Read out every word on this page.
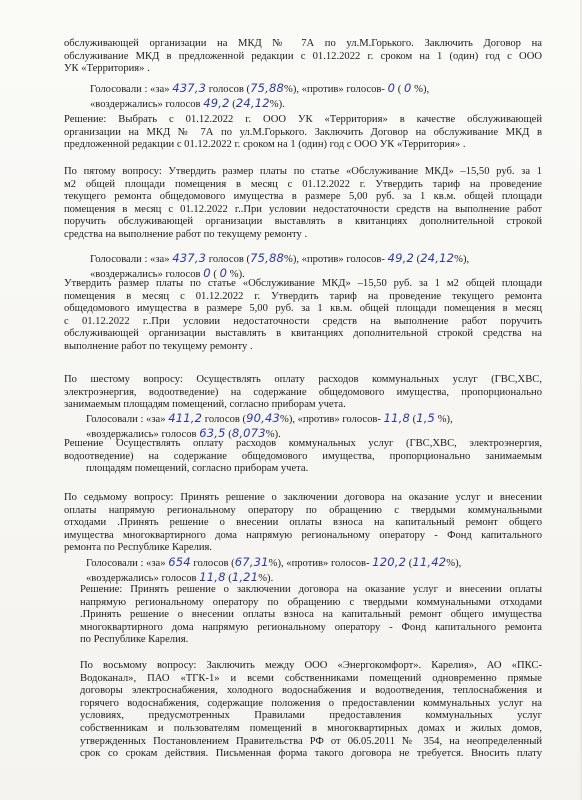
обслуживающей организации на МКД № 7А по ул.М.Горького. Заключить Договор на
обслуживание МКД в предложенной редакции с 01.12.2022 г. сроком на 1 (один) год с ООО
УК «Территория» .
Голосовали : «за» 437,3 голосов (75,88%), «против» голосов- 0 ( 0 %),
«воздержались» голосов 49,2 (24,12%).
Решение: Выбрать с 01.12.2022 г. ООО УК «Территория» в качестве обслуживающей
организации на МКД № 7А по ул.М.Горького. Заключить Договор на обслуживание МКД в
предложенной редакции с 01.12.2022 г. сроком на 1 (один) год с ООО УК «Территория» .
По пятому вопросу: Утвердить размер платы по статье «Обслуживание МКД» –15,50 руб. за 1
м2 общей площади помещения в месяц с 01.12.2022 г. Утвердить тариф на проведение
текущего ремонта общедомового имущества в размере 5,00 руб. за 1 кв.м. общей площади
помещения в месяц с 01.12.2022 г..При условии недостаточности средств на выполнение работ
поручить обслуживающей организации выставлять в квитанциях дополнительной строкой
средства на выполнение работ по текущему ремонту .
Голосовали : «за» 437,3 голосов (75,88%), «против» голосов- 49,2 (24,12%),
«воздержались» голосов 0 ( 0 %).
Утвердить размер платы по статье «Обслуживание МКД» –15,50 руб. за 1 м2 общей площади
помещения в месяц с 01.12.2022 г. Утвердить тариф на проведение текущего ремонта
общедомового имущества в размере 5,00 руб. за 1 кв.м. общей площади помещения в месяц
с 01.12.2022 г..При условии недостаточности средств на выполнение работ поручить
обслуживающей организации выставлять в квитанциях дополнительной строкой средства на
выполнение работ по текущему ремонту .
По шестому вопросу: Осуществлять оплату расходов коммунальных услуг (ГВС,ХВС,
электроэнергия, водоотведение) на содержание общедомового имущества, пропорционально
занимаемым площадям помещений, согласно приборам учета.
Голосовали : «за» 411,2 голосов (90,43%), «против» голосов- 11,8 (1,5 %),
«воздержались» голосов 63,5 (8,073%).
Решение Осуществлять оплату расходов коммунальных услуг (ГВС,ХВС, электроэнергия,
водоотведение) на содержание общедомового имущества, пропорционально занимаемым
площадям помещений, согласно приборам учета.
По седьмому вопросу: Принять решение о заключении договора на оказание услуг и внесении
оплаты напрямую региональному оператору по обращению с твердыми коммунальными
отходами .Принять решение о внесении оплаты взноса на капитальный ремонт общего
имущества многоквартирного дома напрямую региональному оператору - Фонд капитального
ремонта по Республике Карелия.
Голосовали : «за» 654 голосов (67,31%), «против» голосов- 120,2 (11,42%),
«воздержались» голосов 11,8 (1,21%).
Решение: Принять решение о заключении договора на оказание услуг и внесении оплаты
напрямую региональному оператору по обращению с твердыми коммунальными отходами
.Принять решение о внесении оплаты взноса на капитальный ремонт общего имущества
многоквартирного дома напрямую региональному оператору - Фонд капитального ремонта
по Республике Карелия.
По восьмому вопросу: Заключить между ООО «Энергокомфорт». Карелия», АО «ПКС-
Водоканал», ПАО «ТГК-1» и всеми собственниками помещений одновременно прямые
договоры электроснабжения, холодного водоснабжения и водоотведения, теплоснабжения и
горячего водоснабжения, содержащие положения о предоставлении коммунальных услуг на
условиях, предусмотренных Правилами предоставления коммунальных услуг
собственникам и пользователям помещений в многоквартирных домах и жилых домов,
утвержденных Постановлением Правительства РФ от 06.05.2011 № 354, на неопределенный
срок со срокам действия. Письменная форма такого договора не требуется. Вносить плату
